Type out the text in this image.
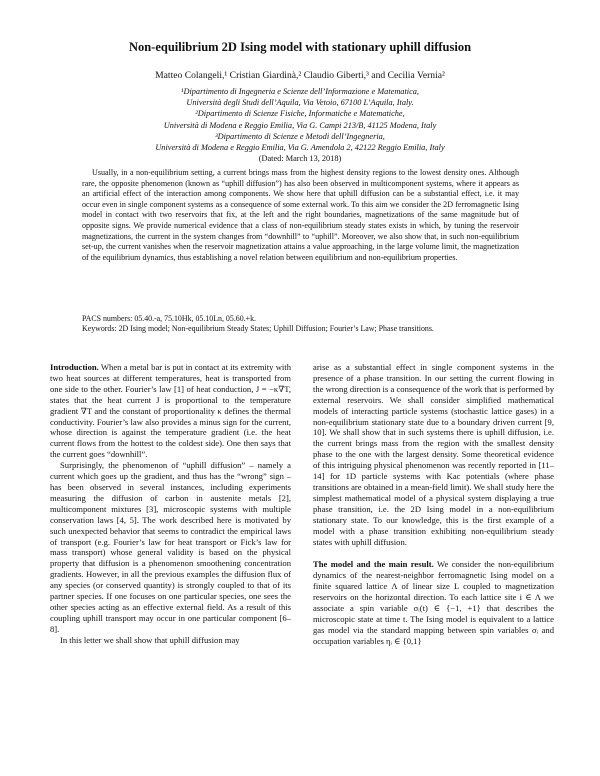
Non-equilibrium 2D Ising model with stationary uphill diffusion
Matteo Colangeli,¹ Cristian Giardinà,² Claudio Giberti,³ and Cecilia Vernia²
¹Dipartimento di Ingegneria e Scienze dell’Informazione e Matematica,
Università degli Studi dell’Aquila, Via Vetoio, 67100 L’Aquila, Italy.
²Dipartimento di Scienze Fisiche, Informatiche e Matematiche,
Università di Modena e Reggio Emilia, Via G. Campi 213/B, 41125 Modena, Italy
³Dipartimento di Scienze e Metodi dell’Ingegneria,
Università di Modena e Reggio Emilia, Via G. Amendola 2, 42122 Reggio Emilia, Italy
(Dated: March 13, 2018)

Usually, in a non-equilibrium setting, a current brings mass from the highest density regions to the lowest density ones. Although rare, the opposite phenomenon (known as “uphill diffusion”) has also been observed in multicomponent systems, where it appears as an artificial effect of the interaction among components. We show here that uphill diffusion can be a substantial effect, i.e. it may occur even in single component systems as a consequence of some external work. To this aim we consider the 2D ferromagnetic Ising model in contact with two reservoirs that fix, at the left and the right boundaries, magnetizations of the same magnitude but of opposite signs. We provide numerical evidence that a class of non-equilibrium steady states exists in which, by tuning the reservoir magnetizations, the current in the system changes from “downhill” to “uphill”. Moreover, we also show that, in such non-equilibrium set-up, the current vanishes when the reservoir magnetization attains a value approaching, in the large volume limit, the magnetization of the equilibrium dynamics, thus establishing a novel relation between equilibrium and non-equilibrium properties.

PACS numbers: 05.40.-a, 75.10Hk, 05.10Ln, 05.60.+k.
Keywords: 2D Ising model; Non-equilibrium Steady States; Uphill Diffusion; Fourier’s Law; Phase transitions.

Introduction. When a metal bar is put in contact at its extremity with two heat sources at different temperatures, heat is transported from one side to the other. Fourier’s law [1] of heat conduction, J = −κ∇T, states that the heat current J is proportional to the temperature gradient ∇T and the constant of proportionality κ defines the thermal conductivity. Fourier’s law also provides a minus sign for the current, whose direction is against the temperature gradient (i.e. the heat current flows from the hottest to the coldest side). One then says that the current goes “downhill”.

Surprisingly, the phenomenon of “uphill diffusion” – namely a current which goes up the gradient, and thus has the “wrong” sign – has been observed in several instances, including experiments measuring the diffusion of carbon in austenite metals [2], multicomponent mixtures [3], microscopic systems with multiple conservation laws [4, 5]. The work described here is motivated by such unexpected behavior that seems to contradict the empirical laws of transport (e.g. Fourier’s law for heat transport or Fick’s law for mass transport) whose general validity is based on the physical property that diffusion is a phenomenon smoothening concentration gradients. However, in all the previous examples the diffusion flux of any species (or conserved quantity) is strongly coupled to that of its partner species. If one focuses on one particular species, one sees the other species acting as an effective external field. As a result of this coupling uphill transport may occur in one particular component [6–8].

In this letter we shall show that uphill diffusion may

arise as a substantial effect in single component systems in the presence of a phase transition. In our setting the current flowing in the wrong direction is a consequence of the work that is performed by external reservoirs. We shall consider simplified mathematical models of interacting particle systems (stochastic lattice gases) in a non-equilibrium stationary state due to a boundary driven current [9, 10]. We shall show that in such systems there is uphill diffusion, i.e. the current brings mass from the region with the smallest density phase to the one with the largest density. Some theoretical evidence of this intriguing physical phenomenon was recently reported in [11–14] for 1D particle systems with Kac potentials (where phase transitions are obtained in a mean-field limit). We shall study here the simplest mathematical model of a physical system displaying a true phase transition, i.e. the 2D Ising model in a non-equilibrium stationary state. To our knowledge, this is the first example of a model with a phase transition exhibiting non-equilibrium steady states with uphill diffusion.

The model and the main result. We consider the non-equilibrium dynamics of the nearest-neighbor ferromagnetic Ising model on a finite squared lattice Λ of linear size L coupled to magnetization reservoirs on the horizontal direction. To each lattice site i ∈ Λ we associate a spin variable σᵢ(t) ∈ {−1, +1} that describes the microscopic state at time t. The Ising model is equivalent to a lattice gas model via the standard mapping between spin variables σᵢ and occupation variables ηᵢ ∈ {0,1}
